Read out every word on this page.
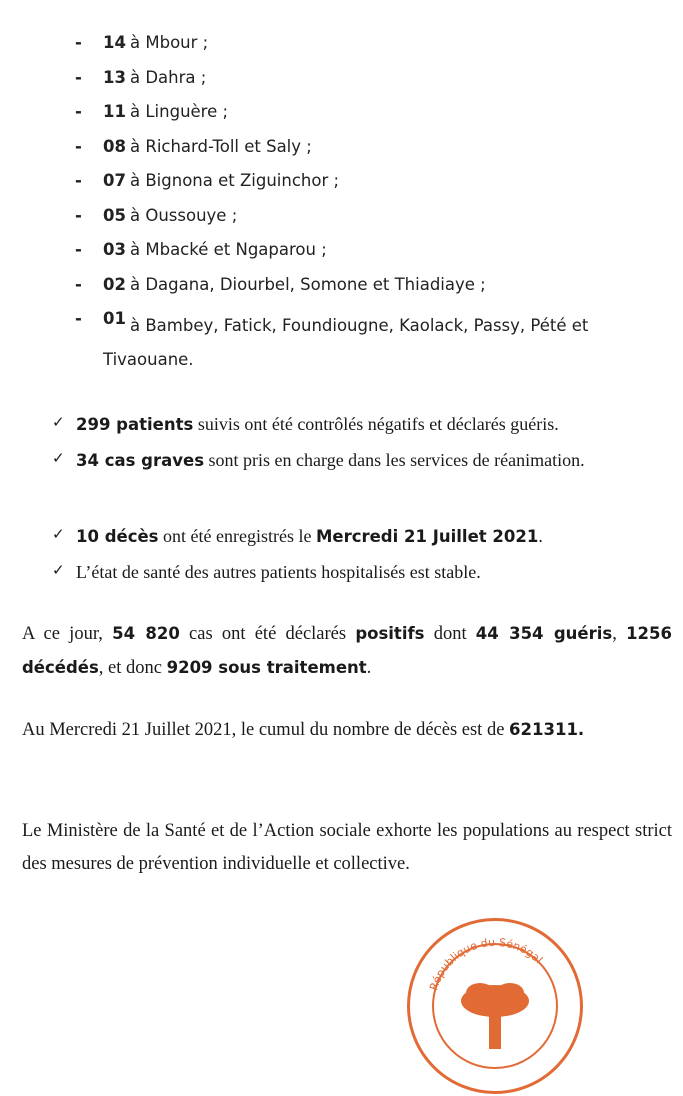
- 14 à Mbour ;
- 13 à Dahra ;
- 11 à Linguère ;
- 08 à Richard-Toll et Saly ;
- 07 à Bignona et Ziguinchor ;
- 05 à Oussouye ;
- 03 à Mbacké et Ngaparou ;
- 02 à Dagana, Diourbel, Somone et Thiadiaye ;
- 01 à Bambey, Fatick, Foundiougne, Kaolack, Passy, Pété et
Tivaouane.
✓ 299 patients suivis ont été contrôlés négatifs et déclarés guéris.
✓ 34 cas graves sont pris en charge dans les services de réanimation.
✓ 10 décès ont été enregistrés le Mercredi 21 Juillet 2021.
✓ L’état de santé des autres patients hospitalisés est stable.
A ce jour, 54 820 cas ont été déclarés positifs dont 44 354 guéris, 1256 décédés, et donc 9209 sous traitement.
Au Mercredi 21 Juillet 2021, le cumul du nombre de décès est de 621311.
Le Ministère de la Santé et de l’Action sociale exhorte les populations au respect strict des mesures de prévention individuelle et collective.
République du Sénégal
